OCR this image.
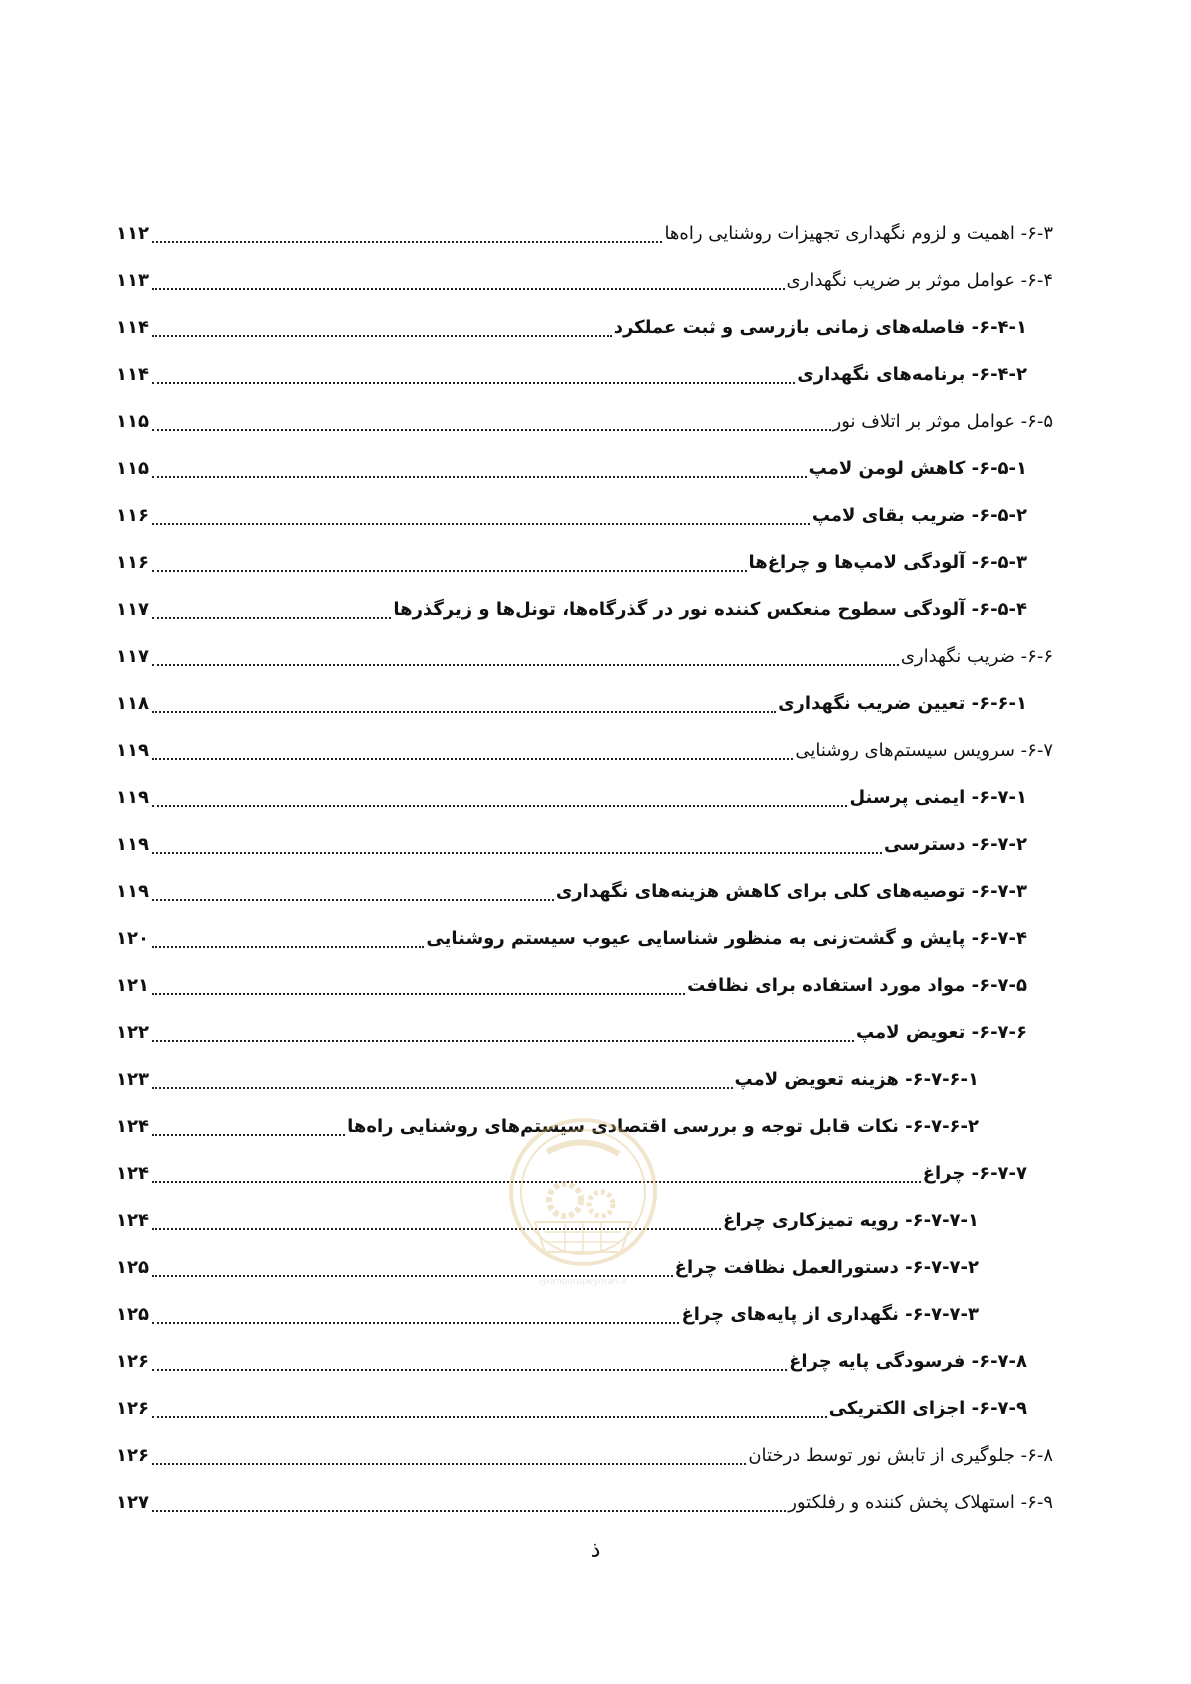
۶-۳- اهمیت و لزوم نگهداری تجهیزات روشنایی راه‌ها
۱۱۲
۶-۴- عوامل موثر بر ضریب نگهداری
۱۱۳
۶-۴-۱- فاصله‌های زمانی بازرسی و ثبت عملکرد
۱۱۴
۶-۴-۲- برنامه‌های نگهداری
۱۱۴
۶-۵- عوامل موثر بر اتلاف نور
۱۱۵
۶-۵-۱- کاهش لومن لامپ
۱۱۵
۶-۵-۲- ضریب بقای لامپ
۱۱۶
۶-۵-۳- آلودگی لامپ‌ها و چراغ‌ها
۱۱۶
۶-۵-۴- آلودگی سطوح منعکس کننده نور در گذرگاه‌ها، تونل‌ها و زیرگذرها
۱۱۷
۶-۶- ضریب نگهداری
۱۱۷
۶-۶-۱- تعیین ضریب نگهداری
۱۱۸
۶-۷- سرویس سیستم‌های روشنایی
۱۱۹
۶-۷-۱- ایمنی پرسنل
۱۱۹
۶-۷-۲- دسترسی
۱۱۹
۶-۷-۳- توصیه‌های کلی برای کاهش هزینه‌های نگهداری
۱۱۹
۶-۷-۴- پایش و گشت‌زنی به منظور شناسایی عیوب سیستم روشنایی
۱۲۰
۶-۷-۵- مواد مورد استفاده برای نظافت
۱۲۱
۶-۷-۶- تعویض لامپ
۱۲۲
۶-۷-۶-۱- هزینه تعویض لامپ
۱۲۳
۶-۷-۶-۲- نکات قابل توجه و بررسی اقتصادی سیستم‌های روشنایی راه‌ها
۱۲۴
۶-۷-۷- چراغ
۱۲۴
۶-۷-۷-۱- رویه تمیزکاری چراغ
۱۲۴
۶-۷-۷-۲- دستورالعمل نظافت چراغ
۱۲۵
۶-۷-۷-۳- نگهداری از پایه‌های چراغ
۱۲۵
۶-۷-۸- فرسودگی پایه چراغ
۱۲۶
۶-۷-۹- اجزای الکتریکی
۱۲۶
۶-۸- جلوگیری از تابش نور توسط درختان
۱۲۶
۶-۹- استهلاک پخش کننده و رفلکتور
۱۲۷
@omooropeyman.ir
ذ
